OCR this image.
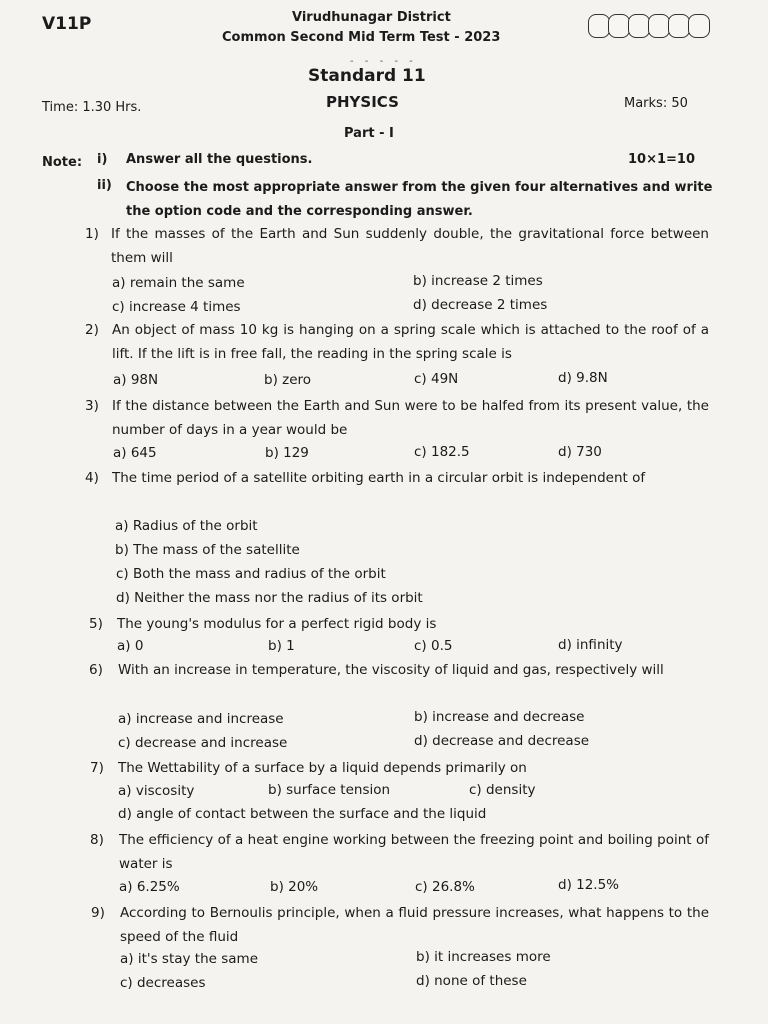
V11P	Virudhunagar District
Common Second Mid Term Test - 2023
- - - - -
Standard 11
PHYSICS
Time: 1.30 Hrs.	Marks: 50
Part - I
Note: i) Answer all the questions.	10×1=10
ii) Choose the most appropriate answer from the given four alternatives and write the option code and the corresponding answer.
1) If the masses of the Earth and Sun suddenly double, the gravitational force between them will
a) remain the same	b) increase 2 times
c) increase 4 times	d) decrease 2 times
2) An object of mass 10 kg is hanging on a spring scale which is attached to the roof of a lift. If the lift is in free fall, the reading in the spring scale is
a) 98N	b) zero	c) 49N	d) 9.8N
3) If the distance between the Earth and Sun were to be halfed from its present value, the number of days in a year would be
a) 645	b) 129	c) 182.5	d) 730
4) The time period of a satellite orbiting earth in a circular orbit is independent of
a) Radius of the orbit
b) The mass of the satellite
c) Both the mass and radius of the orbit
d) Neither the mass nor the radius of its orbit
5) The young's modulus for a perfect rigid body is
a) 0	b) 1	c) 0.5	d) infinity
6) With an increase in temperature, the viscosity of liquid and gas, respectively will
a) increase and increase	b) increase and decrease
c) decrease and increase	d) decrease and decrease
7) The Wettability of a surface by a liquid depends primarily on
a) viscosity	b) surface tension	c) density
d) angle of contact between the surface and the liquid
8) The efficiency of a heat engine working between the freezing point and boiling point of water is
a) 6.25%	b) 20%	c) 26.8%	d) 12.5%
9) According to Bernoulis principle, when a fluid pressure increases, what happens to the speed of the fluid
a) it's stay the same	b) it increases more
c) decreases	d) none of these
